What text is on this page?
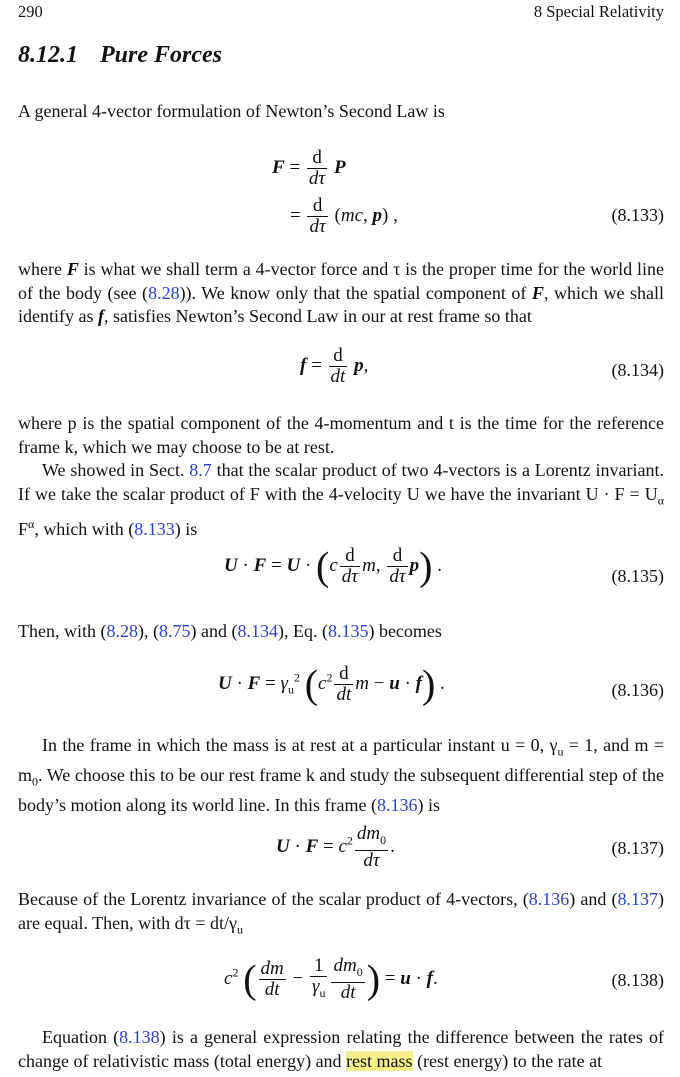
290	8 Special Relativity
8.12.1 Pure Forces
A general 4-vector formulation of Newton’s Second Law is
$F = \frac{d}{d\tau}$ P
= $\frac{d}{d\tau} (mc$, p) ,	(8.133)
where F is what we shall term a 4-vector force and τ is the proper time for the world line of the body (see (8.28)). We know only that the spatial component of F, which we shall identify as f, satisfies Newton’s Second Law in our at rest frame so that
$f = \frac{d}{dt} p$,	(8.134)
where p is the spatial component of the 4-momentum and t is the time for the reference frame k, which we may choose to be at rest.
We showed in Sect. 8.7 that the scalar product of two 4-vectors is a Lorentz invariant. If we take the scalar product of F with the 4-velocity U we have the invariant $U \cdot F = U_\alpha$ $F^\alpha$, which with (8.133) is
$U \cdot F = U \cdot (c \frac{d}{d\tau} m$, $\frac{d}{d\tau} p$) .
(8.135)
Then, with (8.28), (8.75) and (8.134), Eq. (8.135) becomes
$U \cdot F = \gamma_u^2$ ($c^2 \frac{d}{dt}$ m − u · f) .	(8.136)
In the frame in which the mass is at rest at a particular instant u = 0, $\gamma_u = 1$, and $m = m_0$. We choose this to be our rest frame k and study the subsequent differential step of the body’s motion along its world line. In this frame (8.136) is
$U \cdot F = c^2 \frac{dm_0}{d\tau}$ .	(8.137)
Because of the Lorentz invariance of the scalar product of 4-vectors, (8.136) and (8.137) are equal. Then, with $d\tau = dt/\gamma_u$
$c^2$ ( $\frac{dm}{dt} - \frac{1}{\gamma_u} \frac{dm_0}{dt}$ ) = u · f.	(8.138)
Equation (8.138) is a general expression relating the difference between the rates of change of relativistic mass (total energy) and rest mass (rest energy) to the rate at
